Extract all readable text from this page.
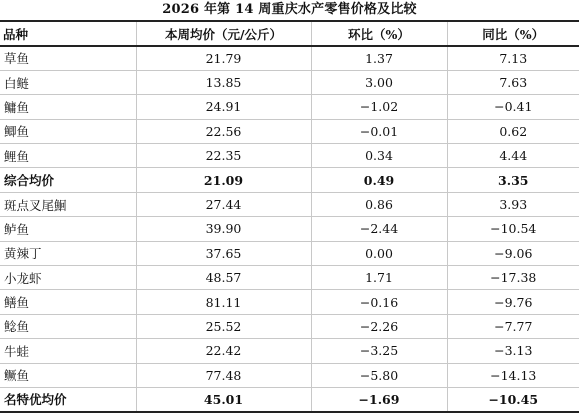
2026 年第 14 周重庆水产零售价格及比较
品种	本周均价（元/公斤）	环比（%）	同比（%）
草鱼	21.79	1.37	7.13
白鲢	13.85	3.00	7.63
鳙鱼	24.91	−1.02	−0.41
鲫鱼	22.56	−0.01	0.62
鲤鱼	22.35	0.34	4.44
综合均价	21.09	0.49	3.35
斑点叉尾鮰	27.44	0.86	3.93
鲈鱼	39.90	−2.44	−10.54
黄辣丁	37.65	0.00	−9.06
小龙虾	48.57	1.71	−17.38
鳝鱼	81.11	−0.16	−9.76
鲶鱼	25.52	−2.26	−7.77
牛蛙	22.42	−3.25	−3.13
鳜鱼	77.48	−5.80	−14.13
名特优均价	45.01	−1.69	−10.45
